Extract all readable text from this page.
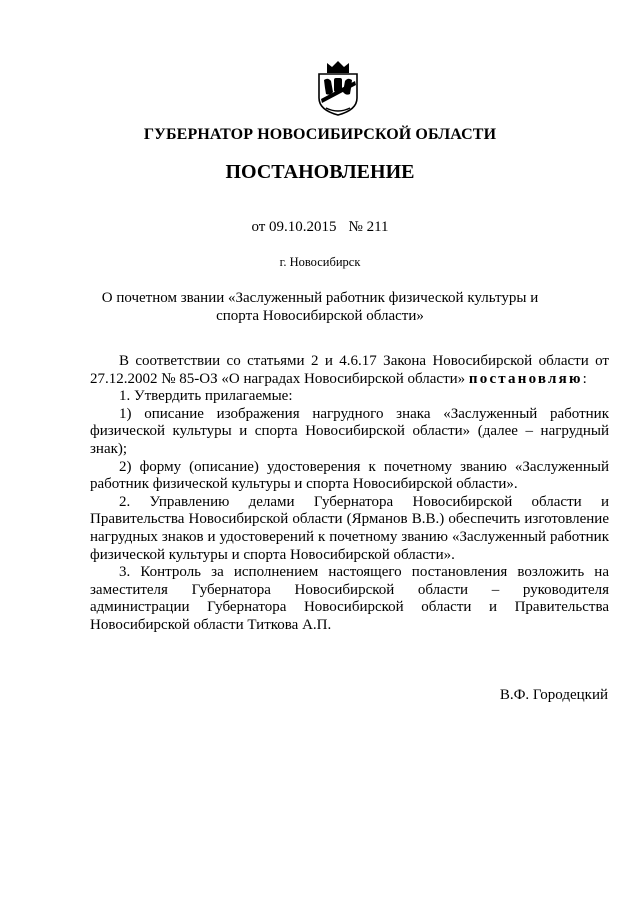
ГУБЕРНАТОР НОВОСИБИРСКОЙ ОБЛАСТИ
ПОСТАНОВЛЕНИЕ
от 09.10.2015 № 211
г. Новосибирск
О почетном звании «Заслуженный работник физической культуры и спорта Новосибирской области»

В соответствии со статьями 2 и 4.6.17 Закона Новосибирской области от 27.12.2002 № 85-ОЗ «О наградах Новосибирской области» постановляю:

1. Утвердить прилагаемые:

1) описание изображения нагрудного знака «Заслуженный работник физической культуры и спорта Новосибирской области» (далее – нагрудный знак);

2) форму (описание) удостоверения к почетному званию «Заслуженный работник физической культуры и спорта Новосибирской области».

2. Управлению делами Губернатора Новосибирской области и Правительства Новосибирской области (Ярманов В.В.) обеспечить изготовление нагрудных знаков и удостоверений к почетному званию «Заслуженный работник физической культуры и спорта Новосибирской области».

3. Контроль за исполнением настоящего постановления возложить на заместителя Губернатора Новосибирской области – руководителя администрации Губернатора Новосибирской области и Правительства Новосибирской области Титкова А.П.

В.Ф. Городецкий
